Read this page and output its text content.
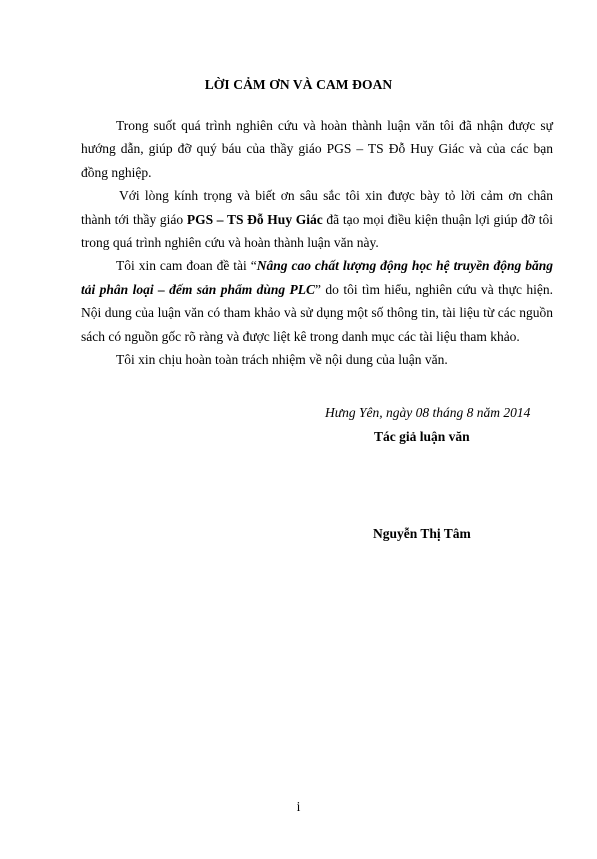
LỜI CẢM ƠN VÀ CAM ĐOAN

Trong suốt quá trình nghiên cứu và hoàn thành luận văn tôi đã nhận được sự hướng dẫn, giúp đỡ quý báu của thầy giáo PGS – TS Đỗ Huy Giác và của các bạn đồng nghiệp.

Với lòng kính trọng và biết ơn sâu sắc tôi xin được bày tỏ lời cảm ơn chân thành tới thầy giáo PGS – TS Đỗ Huy Giác đã tạo mọi điều kiện thuận lợi giúp đỡ tôi trong quá trình nghiên cứu và hoàn thành luận văn này.

Tôi xin cam đoan đề tài “Nâng cao chất lượng động học hệ truyền động băng tải phân loại – đếm sản phẩm dùng PLC” do tôi tìm hiểu, nghiên cứu và thực hiện. Nội dung của luận văn có tham khảo và sử dụng một số thông tin, tài liệu từ các nguồn sách có nguồn gốc rõ ràng và được liệt kê trong danh mục các tài liệu tham khảo.

Tôi xin chịu hoàn toàn trách nhiệm về nội dung của luận văn.

Hưng Yên, ngày 08 tháng 8 năm 2014
Tác giả luận văn
Nguyễn Thị Tâm
i
